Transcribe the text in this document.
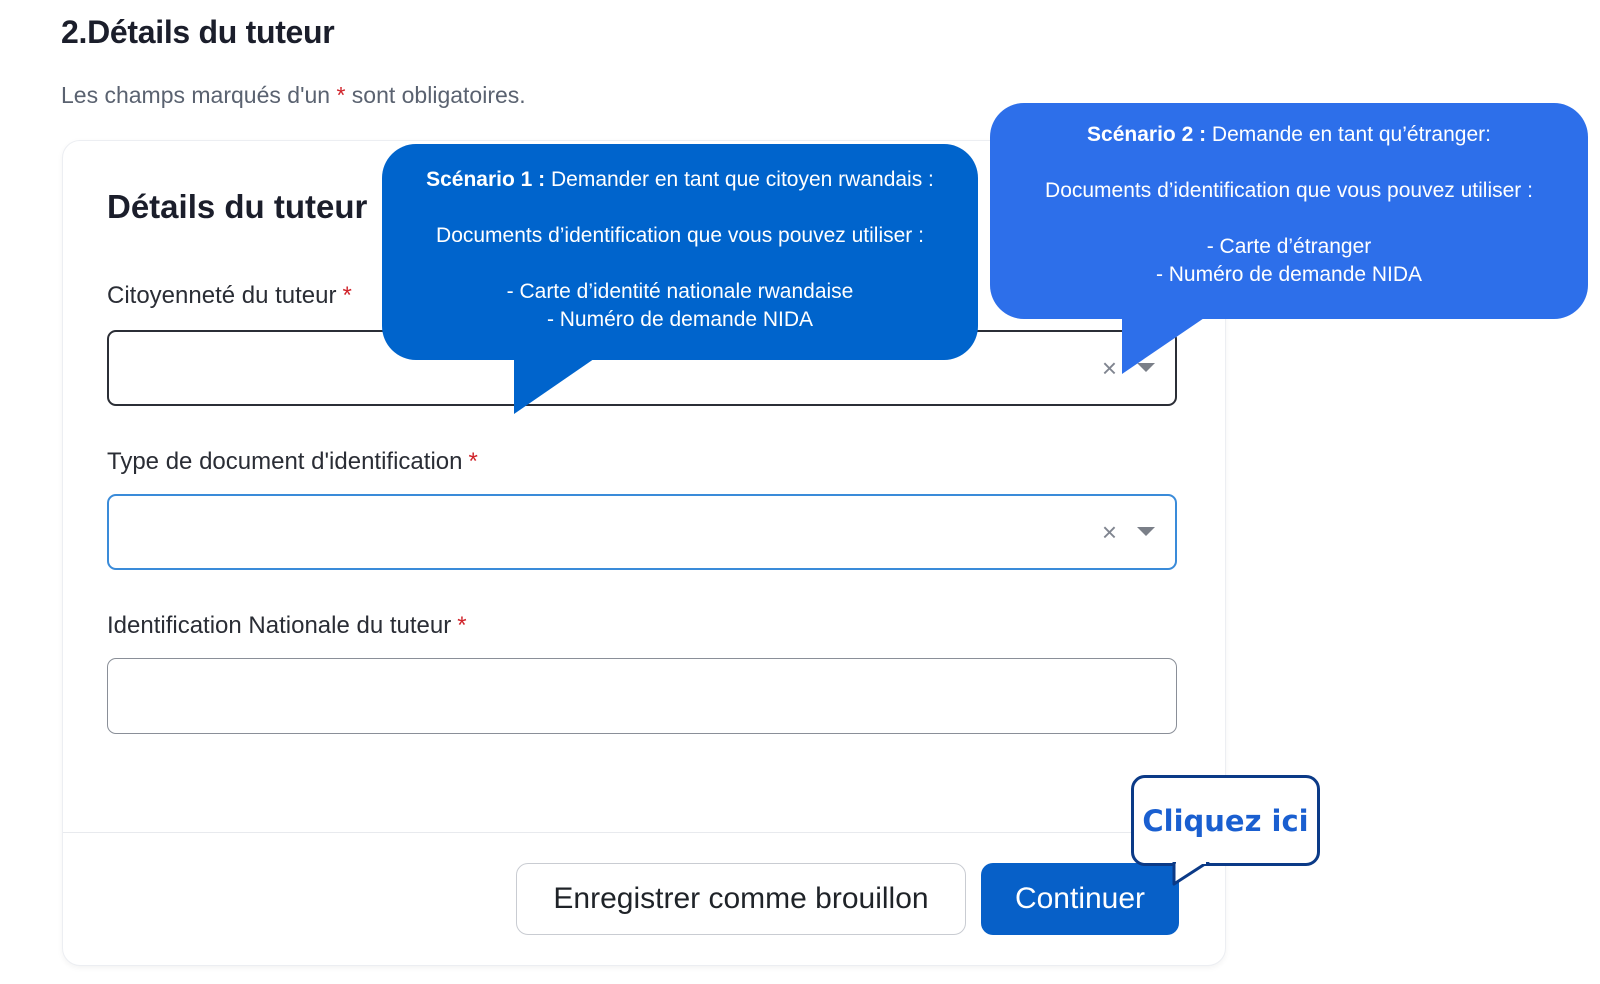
2.Détails du tuteur
Les champs marqués d'un * sont obligatoires.
Détails du tuteur
Citoyenneté du tuteur *
×
Type de document d'identification *
×
Identification Nationale du tuteur *
Enregistrer comme brouillon	Continuer

Scénario 1 : Demander en tant que citoyen rwandais :

Documents d’identification que vous pouvez utiliser :

- Carte d’identité nationale rwandaise

- Numéro de demande NIDA

Scénario 2 : Demande en tant qu’étranger:

Documents d’identification que vous pouvez utiliser :

- Carte d’étranger

- Numéro de demande NIDA

Cliquez ici
